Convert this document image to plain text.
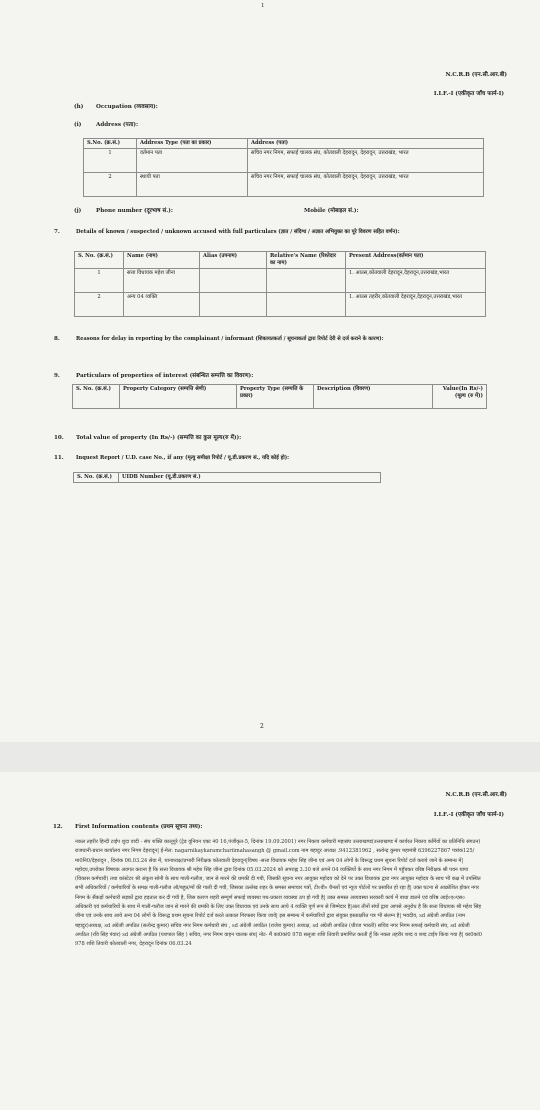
1
N.C.R.B (एन.सी.आर.बी)
I.I.F.-I (एकीकृत जाँच फार्म-I)
(h) Occupation (व्यवसाय):
(i)	Address (पता):
S.No. (क्र.सं.)	Address Type (पता का प्रकार)	Address (पता)
1	वर्तमान पता	सचिव नगर निगम, सफाई चालक संघ, कोतवाली देहरादून, देहरादून, उत्तराखंड, भारत
2	स्थायी पता	सचिव नगर निगम, सफाई चालक संघ, कोतवाली देहरादून, देहरादून, उत्तराखंड, भारत
(j)	Phone number (दूरभाष सं.):	Mobile (मोबाइल सं.):
7.	Details of known / suspected / unknown accused with full particulars (ज्ञात / संदिग्ध / अज्ञात अभियुक्त का पूरे विवरण सहित वर्णन):
S. No. (क्र.सं.)	Name (नाम)	Alias (उपनाम)	Relative's Name (रिश्तेदार का नाम)	Present Address(वर्तमान पता)
1	सत्ता विधायक महेश जीना			1. आउस,कोतवाली देहरादून,देहरादून,उत्तराखंड,भारत
2	अन्य 04 व्यक्ति			1. आउस तहरीर,कोतवाली देहरादून,देहरादून,उत्तराखंड,भारत
8.	Reasons for delay in reporting by the complainant / informant (शिकायतकर्ता / सूचनाकर्ता द्वारा रिपोर्ट देरी से दर्ज कराने के कारण):
9.	Particulars of properties of interest (संबन्धित सम्पत्ति का विवरण):
S. No. (क्र.सं.)	Property Category (सम्पत्ति श्रेणी)	Property Type (सम्पत्ति के प्रकार)	Description (विवरण)	Value(In Rs/-) (मूल्य (रु में))
10. Total value of property (In Rs/-) (सम्पत्ति का कुल मूल्य(रु में)):
11. Inquest Report / U.D. case No., if any (मृत्यु समीक्षा रिपोर्ट / यू.डी.प्रकरण सं., यदि कोई हो):
S. No. (क्र.सं.)	UIDB Number (यू.डी.प्रकरण सं.)
2
N.C.R.B (एन.सी.आर.बी)
I.I.F.-I (एकीकृत जाँच फार्म-I)
12. First Information contents (प्रथम सूचना तथ्य):
नकल तहरीर हिन्दी टाईप शुदा वादी - संघ शक्ति कालूपुरे (ट्रेड यूनियन एक्ट नं0 16,पंजीकृत-5, दिनांक 19.09.2001) नगर निकाय कर्मचारी महासंघ उत्तराखण्ड(उत्तराखण्ड में कार्यरत निकाय कर्मियों का प्रतिनिधि संगठन) राजधानी-प्रधान कार्यालय नगर निगम देहरादून| ई-मेल: nagarnikaykaramchariimahasangh @ gmail.com नाम बहादुर अध्यक्ष .9412381962 , सत्येन्द्र कुमार महामंत्री 6396227867 पत्रांक125/मा0नि0/देहरादून , दिनांक 06.03.24 सेवा में, थानाध्यक्ष/प्रभारी निरीक्षक कोतवाली देहरादून|विषय -सत्ता विधायक महेश सिंह जीना एवं अन्य 04 लोगों के विरूद्ध प्रथम सूचना रिपोर्ट दर्ज कराये जाने के सम्बन्ध में|महोदय,उपरोक्त विषयक अवगत कराना है कि सत्ता विधायक श्री महेश सिंह जीना द्वारा दिनांक 05.03.2024 को अपराह्न 3.30 बजे अपने 04 व्यक्तियों के साथ नगर निगम में पहुँचकर वरिष्ठ निरीक्षक श्री पवन थापा (विकास कर्मचारी) तथा कांस्टेटर श्री अंकुश सोनी के साथ गाली-गलौज, जान से मारने की धमकी दी गयी, जिसकी सूचना नगर आयुक्त महोदय को देने पर उक्त विधायक द्वारा नगर आयुक्त महोदय के साथ भी कक्ष में उपस्थित सभी अधिकारियों / कर्मचारियों के समक्ष गाली-गलौज ऑ/बहुत/माँ की गाली दी गयी, जिसका उल्लेख शहर के समस्त समाचार पत्रों, टी०वी० चैनलों एवं न्यूज पोर्टलों पर प्रसारित हो रहा है| उक्त घटना से आक्रोशित होकर नगर निगम के सैंकड़ों कर्मचारी सड़कों द्वारा हड़ताल कर दी गयी है, जिस कारण शहरी सम्पूर्ण सफाई व्यवस्था पथ-प्रकाश व्यवस्था ठप हो गयी है| उक्त समस्त अव्यवस्था सरकारी कार्य में बाधा डालने एवं वरिष्ठ आई०ए०एस० अधिकारी एवं कर्मचारियों के साथ में गाली-गलौज जान से मारने की धमकी के लिए उक्त विधायक एवं उनके साथ आये 4 व्यक्ति पूर्ण रूप से जिम्मेदार है|अतः तीनों संघों द्वारा आपसे अनुरोध है कि सत्ता विधायक श्री महेश सिंह जीना एवं उनके साथ आये अन्य 04 लोगों के विरूद्ध प्रथम सूचना रिपोर्ट दर्ज करते तत्काल गिरफ्तार किया जाये| इस सम्बन्ध में कर्मचारियों द्वारा संयुक्त हस्ताक्षरित पत्र भी संलग्न है| भवदीय, sd अंग्रेजी अपठित (नाम बहादुर)अध्यक्ष, sd अंग्रेजी अपठित (सत्येन्द्र कुमार) सचिव नगर निगम कर्मचारी संघ , sd अंग्रेजी अपठित (राजेश कुमार) अध्यक्ष, sd अंग्रेजी अपठित (धीरज भारती) सचिव नगर निगम सफाई कर्मचारी संघ, sd अंग्रेजी अपठित (रवि सिंह पंवार) sd अंग्रेजी अपठित (यशपाल सिंह ) सचिव, नगर निगम वाहन चालक संघ| नोट- मैं का0कां0 978 सलूजा शशि तिवारी प्रमाणित करती हूँ कि नकल तहरीर शब्द व शब्द टाईप किया गया है| का0कां0 978 शशि तिवारी कोतवाली नगर, देहरादून दिनांक 06.03.24
